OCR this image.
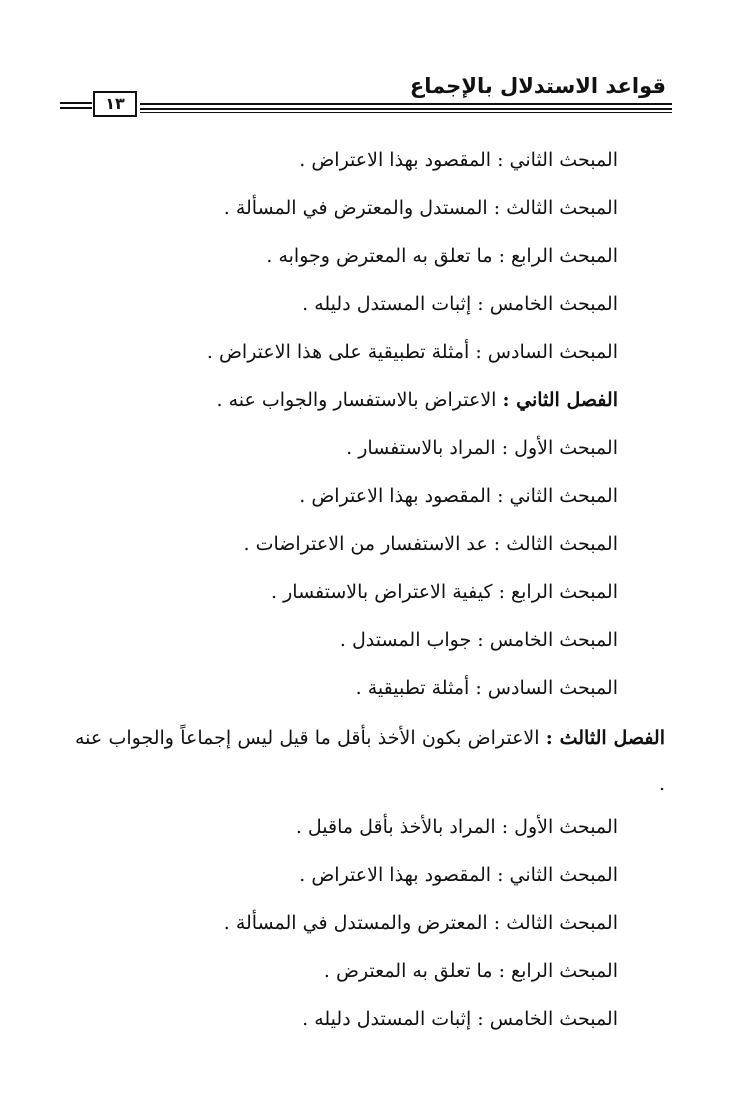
١٣
قواعد الاستدلال بالإجماع
المبحث الثاني : المقصود بهذا الاعتراض .
المبحث الثالث : المستدل والمعترض في المسألة .
المبحث الرابع : ما تعلق به المعترض وجوابه .
المبحث الخامس : إثبات المستدل دليله .
المبحث السادس : أمثلة تطبيقية على هذا الاعتراض .
الفصل الثاني : الاعتراض بالاستفسار والجواب عنه .
المبحث الأول : المراد بالاستفسار .
المبحث الثاني : المقصود بهذا الاعتراض .
المبحث الثالث : عد الاستفسار من الاعتراضات .
المبحث الرابع : كيفية الاعتراض بالاستفسار .
المبحث الخامس : جواب المستدل .
المبحث السادس : أمثلة تطبيقية .
الفصل الثالث : الاعتراض بكون الأخذ بأقل ما قيل ليس إجماعاً والجواب عنه .
المبحث الأول : المراد بالأخذ بأقل ماقيل .
المبحث الثاني : المقصود بهذا الاعتراض .
المبحث الثالث : المعترض والمستدل في المسألة .
المبحث الرابع : ما تعلق به المعترض .
المبحث الخامس : إثبات المستدل دليله .
